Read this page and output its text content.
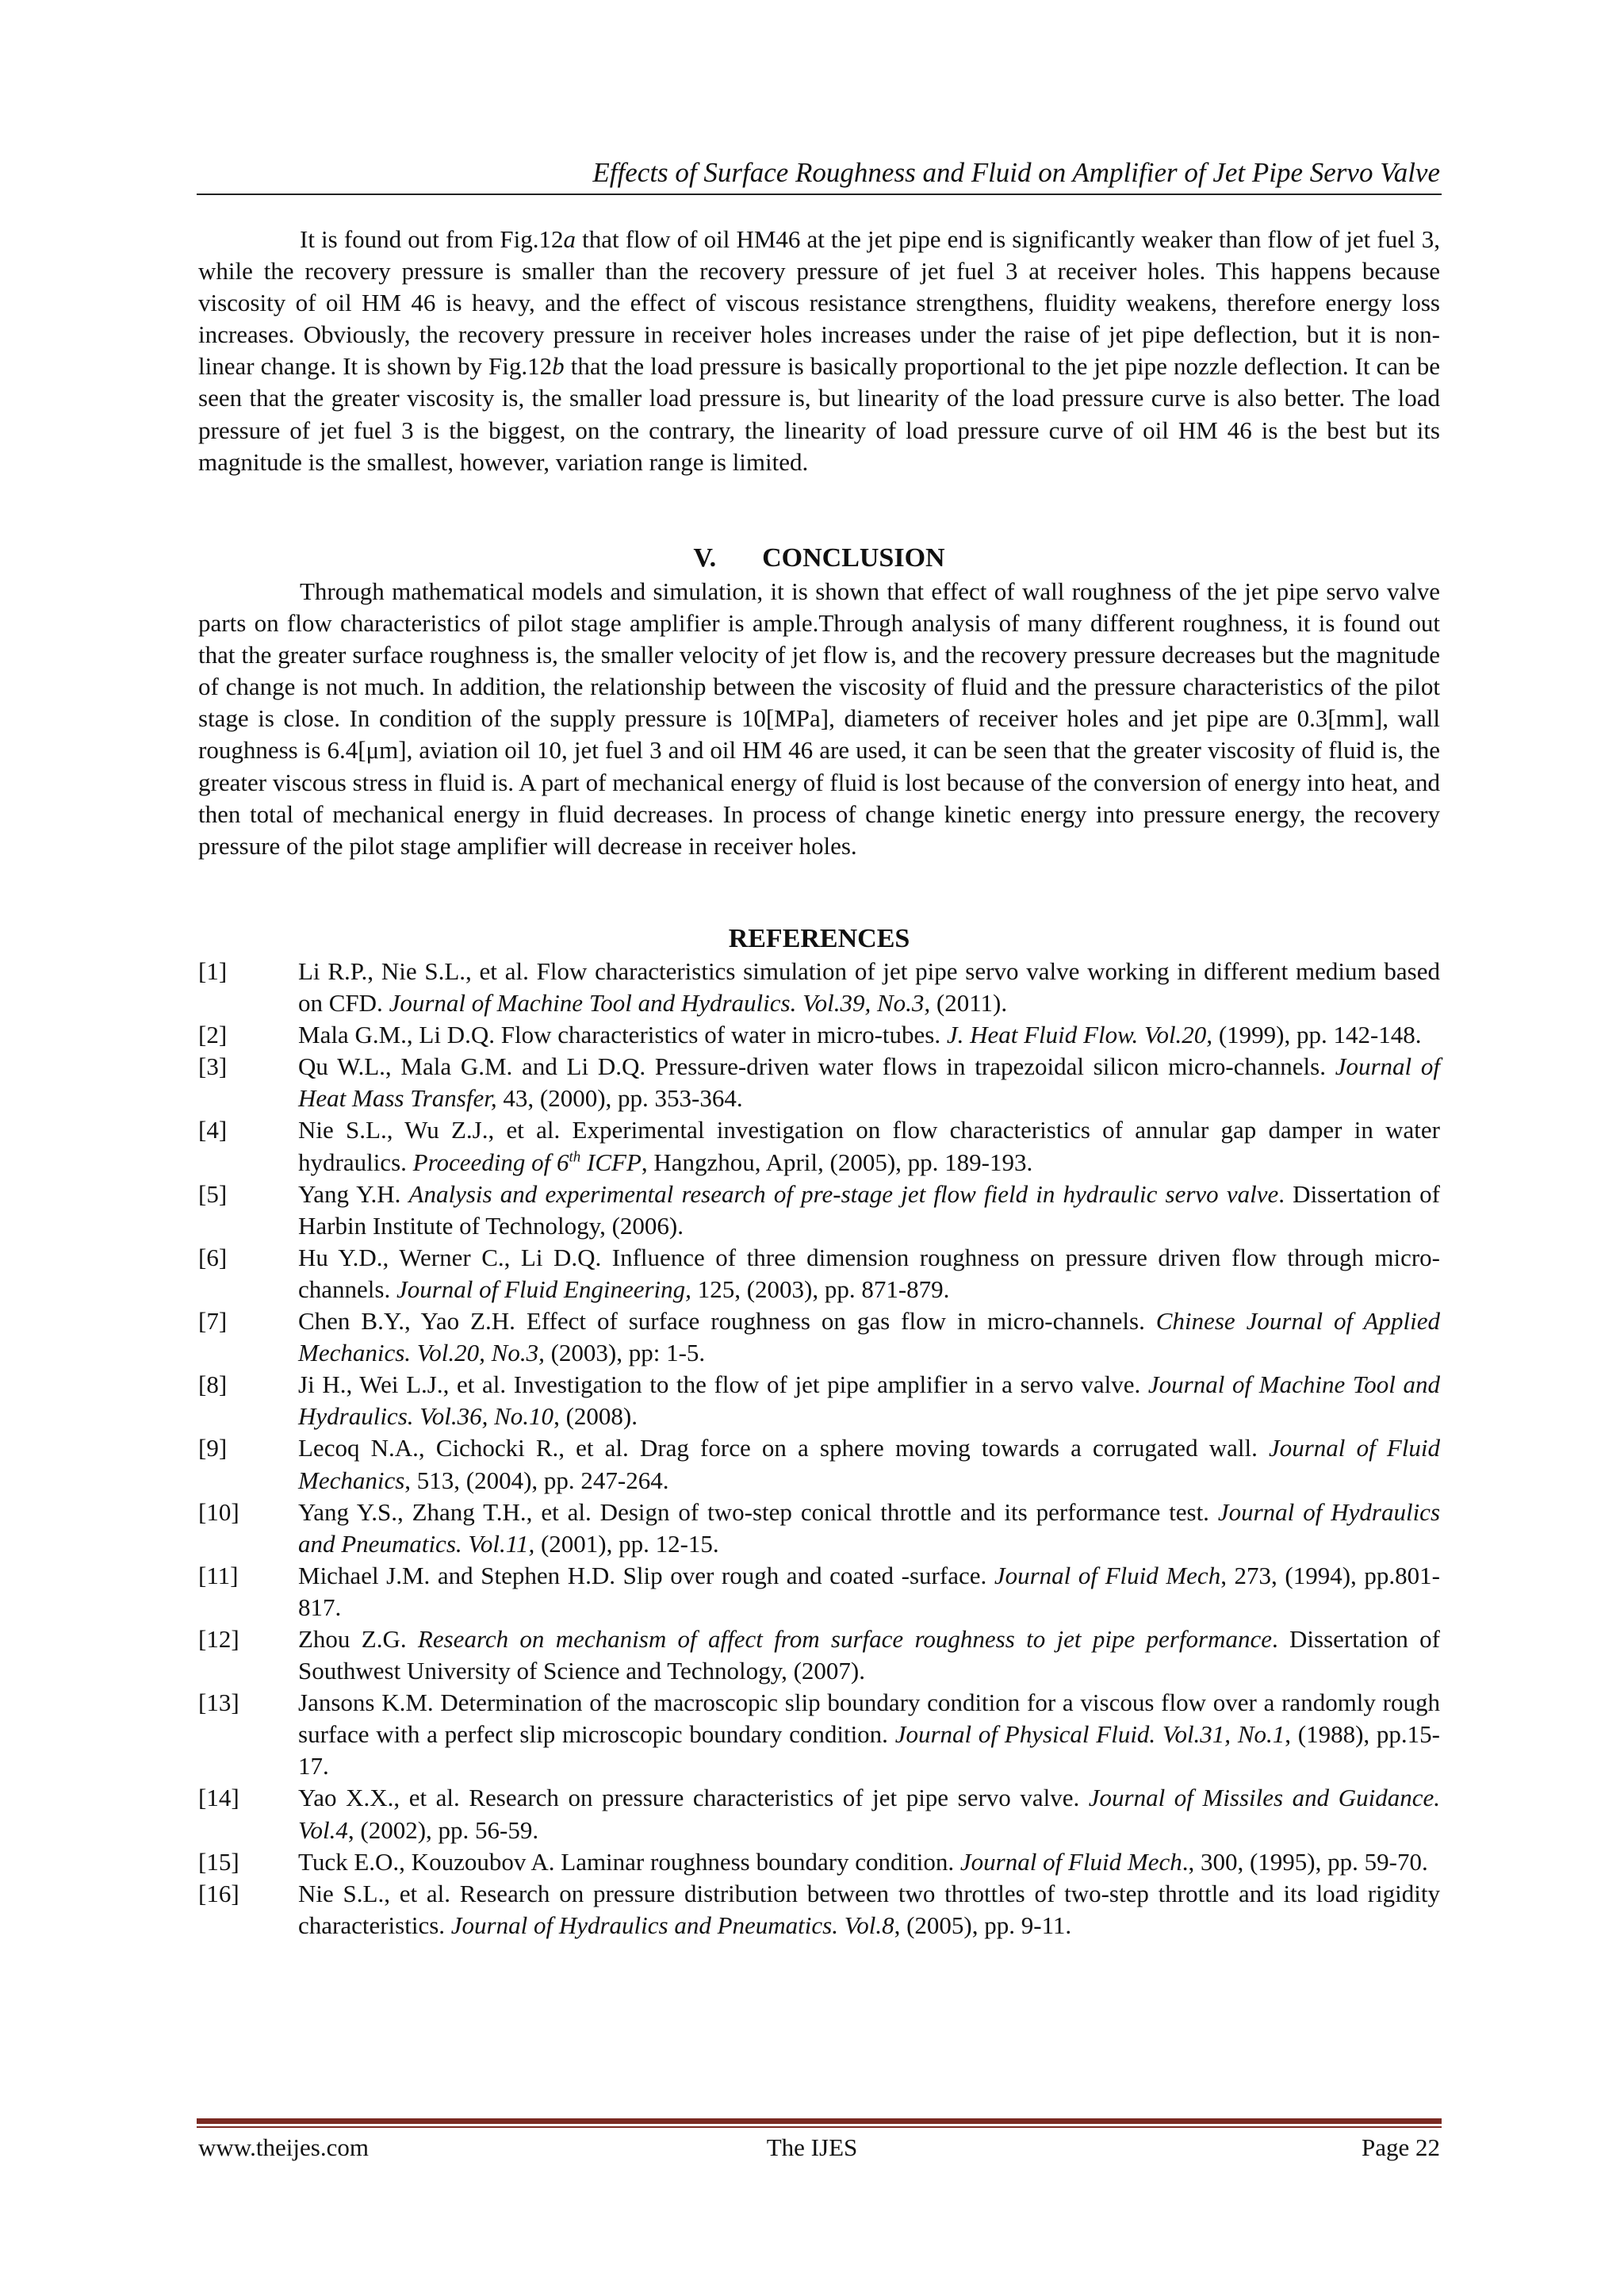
Effects of Surface Roughness and Fluid on Amplifier of Jet Pipe Servo Valve

It is found out from Fig.12a that flow of oil HM46 at the jet pipe end is significantly weaker than flow of jet fuel 3, while the recovery pressure is smaller than the recovery pressure of jet fuel 3 at receiver holes. This happens because viscosity of oil HM 46 is heavy, and the effect of viscous resistance strengthens, fluidity weakens, therefore energy loss increases. Obviously, the recovery pressure in receiver holes increases under the raise of jet pipe deflection, but it is non-linear change. It is shown by Fig.12b that the load pressure is basically proportional to the jet pipe nozzle deflection. It can be seen that the greater viscosity is, the smaller load pressure is, but linearity of the load pressure curve is also better. The load pressure of jet fuel 3 is the biggest, on the contrary, the linearity of load pressure curve of oil HM 46 is the best but its magnitude is the smallest, however, variation range is limited.

V. CONCLUSION

Through mathematical models and simulation, it is shown that effect of wall roughness of the jet pipe servo valve parts on flow characteristics of pilot stage amplifier is ample.Through analysis of many different roughness, it is found out that the greater surface roughness is, the smaller velocity of jet flow is, and the recovery pressure decreases but the magnitude of change is not much. In addition, the relationship between the viscosity of fluid and the pressure characteristics of the pilot stage is close. In condition of the supply pressure is 10[MPa], diameters of receiver holes and jet pipe are 0.3[mm], wall roughness is 6.4[μm], aviation oil 10, jet fuel 3 and oil HM 46 are used, it can be seen that the greater viscosity of fluid is, the greater viscous stress in fluid is. A part of mechanical energy of fluid is lost because of the conversion of energy into heat, and then total of mechanical energy in fluid decreases. In process of change kinetic energy into pressure energy, the recovery pressure of the pilot stage amplifier will decrease in receiver holes.

REFERENCES

[1]	Li R.P., Nie S.L., et al. Flow characteristics simulation of jet pipe servo valve working in different medium based on CFD. Journal of Machine Tool and Hydraulics. Vol.39, No.3, (2011).

[2]	Mala G.M., Li D.Q. Flow characteristics of water in micro-tubes. J. Heat Fluid Flow. Vol.20, (1999), pp. 142-148.

[3]	Qu W.L., Mala G.M. and Li D.Q. Pressure-driven water flows in trapezoidal silicon micro-channels. Journal of Heat Mass Transfer, 43, (2000), pp. 353-364.

[4]	Nie S.L., Wu Z.J., et al. Experimental investigation on flow characteristics of annular gap damper in water hydraulics. Proceeding of 6th ICFP, Hangzhou, April, (2005), pp. 189-193.

[5]	Yang Y.H. Analysis and experimental research of pre-stage jet flow field in hydraulic servo valve. Dissertation of Harbin Institute of Technology, (2006).

[6]	Hu Y.D., Werner C., Li D.Q. Influence of three dimension roughness on pressure driven flow through micro-channels. Journal of Fluid Engineering, 125, (2003), pp. 871-879.

[7]	Chen B.Y., Yao Z.H. Effect of surface roughness on gas flow in micro-channels. Chinese Journal of Applied Mechanics. Vol.20, No.3, (2003), pp: 1-5.

[8]	Ji H., Wei L.J., et al. Investigation to the flow of jet pipe amplifier in a servo valve. Journal of Machine Tool and Hydraulics. Vol.36, No.10, (2008).

[9]	Lecoq N.A., Cichocki R., et al. Drag force on a sphere moving towards a corrugated wall. Journal of Fluid Mechanics, 513, (2004), pp. 247-264.

[10] Yang Y.S., Zhang T.H., et al. Design of two-step conical throttle and its performance test. Journal of Hydraulics and Pneumatics. Vol.11, (2001), pp. 12-15.

[11] Michael J.M. and Stephen H.D. Slip over rough and coated -surface. Journal of Fluid Mech, 273, (1994), pp.801-817.

[12] Zhou Z.G. Research on mechanism of affect from surface roughness to jet pipe performance. Dissertation of Southwest University of Science and Technology, (2007).

[13] Jansons K.M. Determination of the macroscopic slip boundary condition for a viscous flow over a randomly rough surface with a perfect slip microscopic boundary condition. Journal of Physical Fluid. Vol.31, No.1, (1988), pp.15-17.

[14] Yao X.X., et al. Research on pressure characteristics of jet pipe servo valve. Journal of Missiles and Guidance. Vol.4, (2002), pp. 56-59.

[15] Tuck E.O., Kouzoubov A. Laminar roughness boundary condition. Journal of Fluid Mech., 300, (1995), pp. 59-70.

[16] Nie S.L., et al. Research on pressure distribution between two throttles of two-step throttle and its load rigidity characteristics. Journal of Hydraulics and Pneumatics. Vol.8, (2005), pp. 9-11.

www.theijes.com	The IJES	Page 22
